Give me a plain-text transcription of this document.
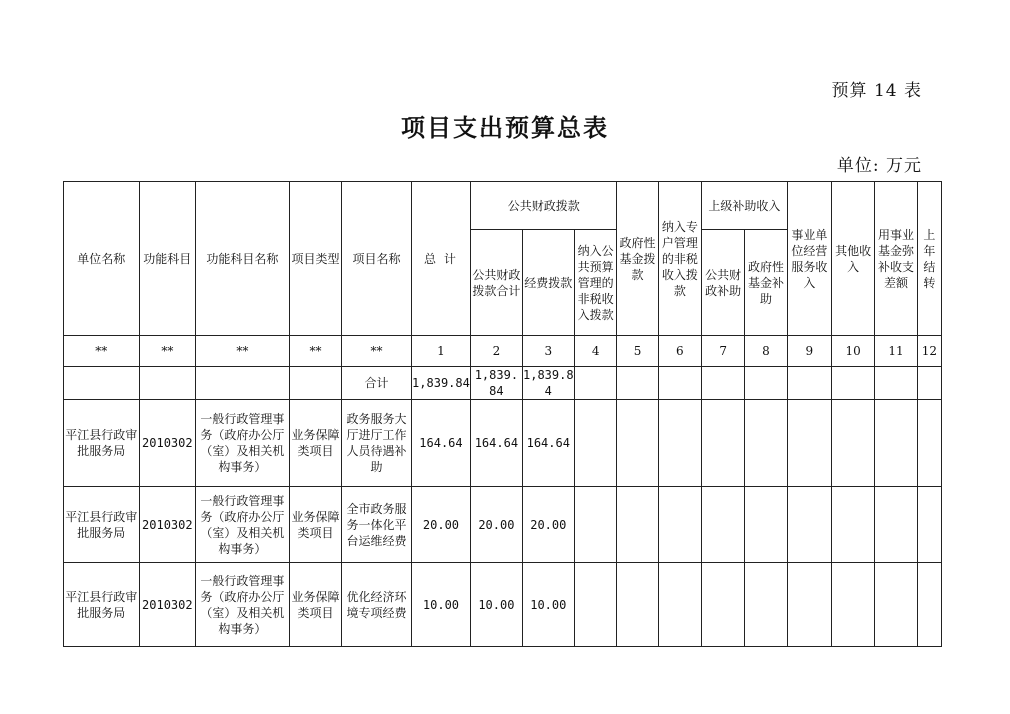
预算 14 表
项目支出预算总表
单位: 万元
单位名称	功能科目	功能科目名称	项目类型	项目名称	总 计	公共财政拨款			政府性基金拨款	纳入专户管理的非税收入拨款	上级补助收入		事业单位经营服务收入	其他收入	用事业基金弥补收支差额	上年结转
						公共财政拨款合计	经费拨款	纳入公共预算管理的非税收入拨款			公共财政补助	政府性基金补助				

**	**	**	**	**	1	2	3	4	5	6	7	8	9	10	11	12
				合计	1,839.84	1,839.84	1,839.84									
平江县行政审批服务局	2010302	一般行政管理事务（政府办公厅（室）及相关机构事务）	业务保障类项目	政务服务大厅进厅工作人员待遇补助	164.64	164.64	164.64									
平江县行政审批服务局	2010302	一般行政管理事务（政府办公厅（室）及相关机构事务）	业务保障类项目	全市政务服务一体化平台运维经费	20.00	20.00	20.00									
平江县行政审批服务局	2010302	一般行政管理事务（政府办公厅（室）及相关机构事务）	业务保障类项目	优化经济环境专项经费	10.00	10.00	10.00									
